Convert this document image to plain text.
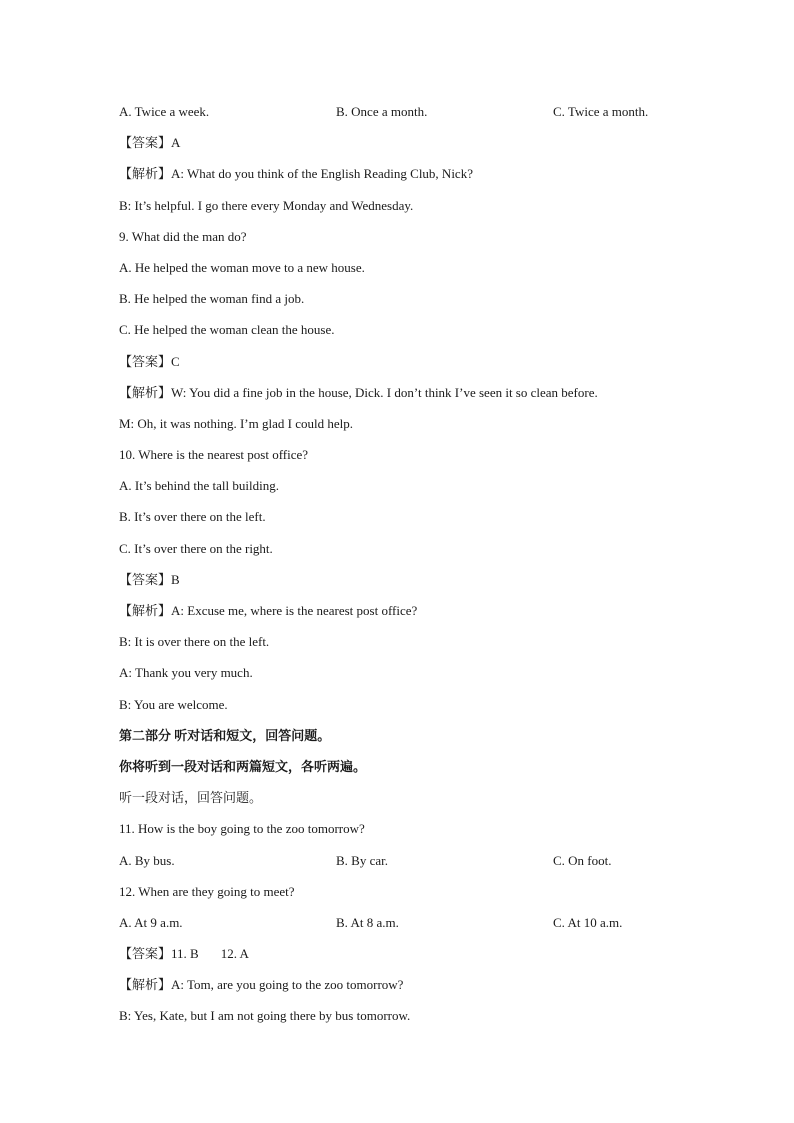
A. Twice a week.	B. Once a month.	C. Twice a month.
【答案】A
【解析】A: What do you think of the English Reading Club, Nick?
B: It’s helpful. I go there every Monday and Wednesday.
9. What did the man do?
A. He helped the woman move to a new house.
B. He helped the woman find a job.
C. He helped the woman clean the house.
【答案】C
【解析】W: You did a fine job in the house, Dick. I don’t think I’ve seen it so clean before.
M: Oh, it was nothing. I’m glad I could help.
10. Where is the nearest post office?
A. It’s behind the tall building.
B. It’s over there on the left.
C. It’s over there on the right.
【答案】B
【解析】A: Excuse me, where is the nearest post office?
B: It is over there on the left.
A: Thank you very much.
B: You are welcome.
第二部分 听对话和短文，回答问题。
你将听到一段对话和两篇短文，各听两遍。
听一段对话，回答问题。
11. How is the boy going to the zoo tomorrow?
A. By bus.	B. By car.	C. On foot.
12. When are they going to meet?
A. At 9 a.m.	B. At 8 a.m.	C. At 10 a.m.
【答案】11. B 12. A
【解析】A: Tom, are you going to the zoo tomorrow?
B: Yes, Kate, but I am not going there by bus tomorrow.
